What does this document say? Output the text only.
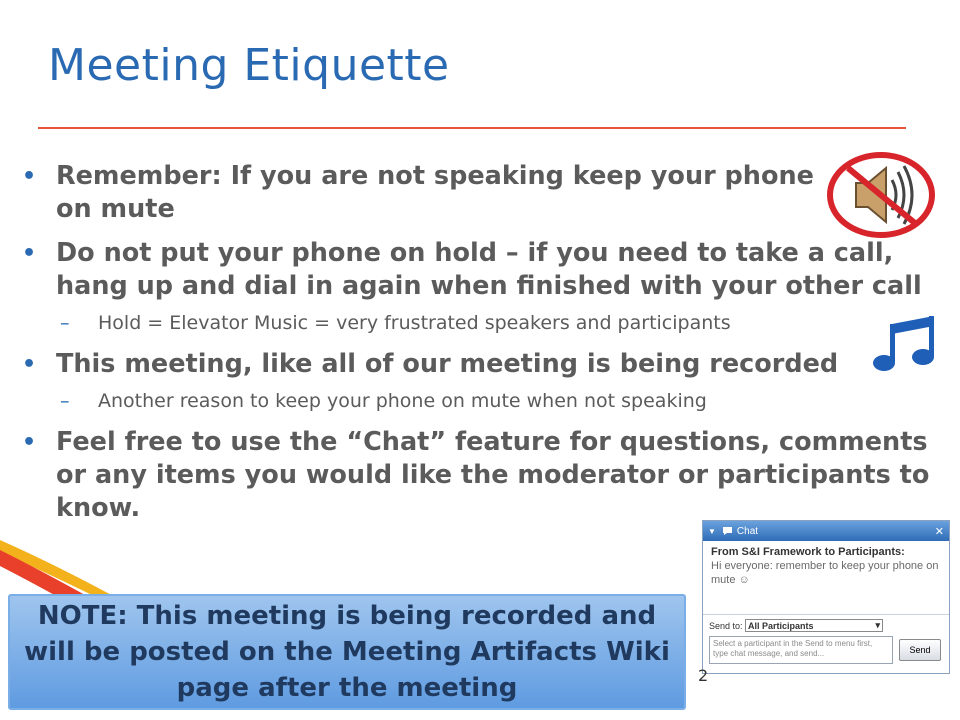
Meeting Etiquette
• Remember: If you are not speaking keep your phone on mute
• Do not put your phone on hold – if you need to take a call, hang up and dial in again when finished with your other call
– Hold = Elevator Music = very frustrated speakers and participants
• This meeting, like all of our meeting is being recorded
– Another reason to keep your phone on mute when not speaking
• Feel free to use the “Chat” feature for questions, comments or any items you would like the moderator or participants to know.
NOTE: This meeting is being recorded and will be posted on the Meeting Artifacts Wiki page after the meeting
▼ Chat	✕
From S&I Framework to Participants:
Hi everyone: remember to keep your phone on mute ☺
Send to: All Participants	▾
Select a participant in the Send to menu first, type chat message, and send...	Send
2
